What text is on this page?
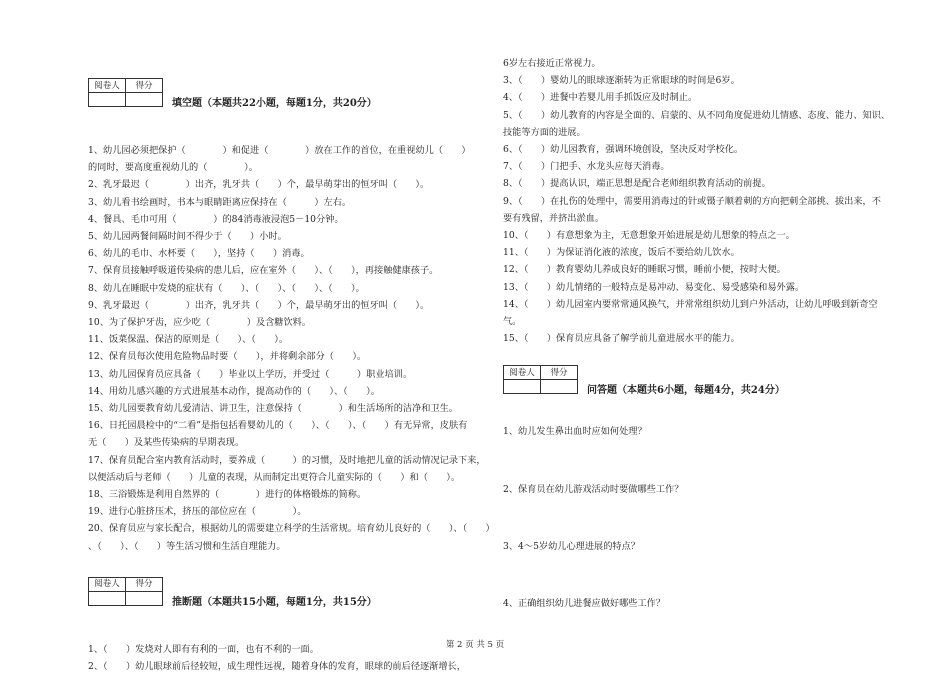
阅卷人	得分

填空题（本题共22小题，每题1分，共20分）
1、幼儿园必须把保护（　　　　）和促进（　　　　）放在工作的首位，在重视幼儿（　　）
的同时，要高度重视幼儿的（　　　　）。
2、乳牙最迟（　　　　）出齐，乳牙共（　　）个，最早萌芽出的恒牙叫（　　）。
3、幼儿看书绘画时，书本与眼睛距离应保持在（　　　）左右。
4、餐具、毛巾可用（　　　　）的84消毒液浸泡5－10分钟。
5、幼儿园两餐间隔时间不得少于（　　）小时。
6、幼儿的毛巾、水杯要（　　），坚持（　　）消毒。
7、保育员接触呼吸道传染病的患儿后，应在室外（　　）、（　　），再接触健康孩子。
8、幼儿在睡眠中发烧的症状有（　　）、（　　）、（　　）、（　　）。
9、乳牙最迟（　　　　）出齐，乳牙共（　　）个，最早萌牙出的恒牙叫（　　）。
10、为了保护牙齿，应少吃（　　　　）及含糖饮料。
11、饭菜保温、保洁的原则是（　　）、（　　）。
12、保育员每次使用危险物品时要（　　），并将剩余部分（　　）。
13、幼儿园保育员应具备（　　）毕业以上学历，并受过（　　　）职业培训。
14、用幼儿感兴趣的方式进展基本动作，提高动作的（　　）、（　　）。
15、幼儿园要教育幼儿爱清洁、讲卫生，注意保持（　　　　）和生活场所的洁净和卫生。
16、日托园晨检中的“二看”是指包括看婴幼儿的（　　）、（　　）、（　　）有无异常，皮肤有
无（　　）及某些传染病的早期表现。
17、保育员配合室内教育活动时，要养成（　　　）的习惯，及时地把儿童的活动情况记录下来，
以便活动后与老师（　　）儿童的表现，从而制定出更符合儿童实际的（　　）和（　　）。
18、三浴锻炼是利用自然界的（　　　　）进行的体格锻炼的简称。
19、进行心脏挤压术，挤压的部位应在（　　　　）。
20、保育员应与家长配合，根据幼儿的需要建立科学的生活常规。培育幼儿良好的（　　）、（　　）
、（　　）、（　　）等生活习惯和生活自理能力。
阅卷人	得分

推断题（本题共15小题，每题1分，共15分）
1、（　　）发烧对人即有有利的一面，也有不利的一面。
2、（　　）幼儿眼球前后径较短，成生理性远视，随着身体的发育，眼球的前后径逐渐增长，
6岁左右接近正常视力。
3、（　　）婴幼儿的眼球逐渐转为正常眼球的时间是6岁。
4、（　　）进餐中若婴儿用手抓饭应及时制止。
5、（　　）幼儿教育的内容是全面的、启蒙的、从不同角度促进幼儿情感、态度、能力、知识、
技能等方面的进展。
6、（　　）幼儿园教育，强调环境创设，坚决反对学校化。
7、（　　）门把手、水龙头应每天消毒。
8、（　　）提高认识，端正思想是配合老师组织教育活动的前提。
9、（　　）在扎伤的处理中，需要用消毒过的针或镊子顺着刺的方向把刺全部挑、拔出来，不
要有残留，并挤出淤血。
10、（　　）有意想象为主，无意想象开始进展是幼儿想象的特点之一。
11、（　　）为保证消化液的浓度，饭后不要给幼儿饮水。
12、（　　）教育婴幼儿养成良好的睡眠习惯，睡前小便，按时大便。
13、（　　）幼儿情绪的一般特点是易冲动、易变化、易受感染和易外露。
14、（　　）幼儿园室内要常常通风换气，并常常组织幼儿到户外活动，让幼儿呼吸到新奇空
气。
15、（　　）保育员应具备了解学前儿童进展水平的能力。
阅卷人	得分

问答题（本题共6小题，每题4分，共24分）
1、幼儿发生鼻出血时应如何处理？
2、保育员在幼儿游戏活动时要做哪些工作？
3、4～5岁幼儿心理进展的特点？
4、正确组织幼儿进餐应做好哪些工作？
第 2 页 共 5 页
